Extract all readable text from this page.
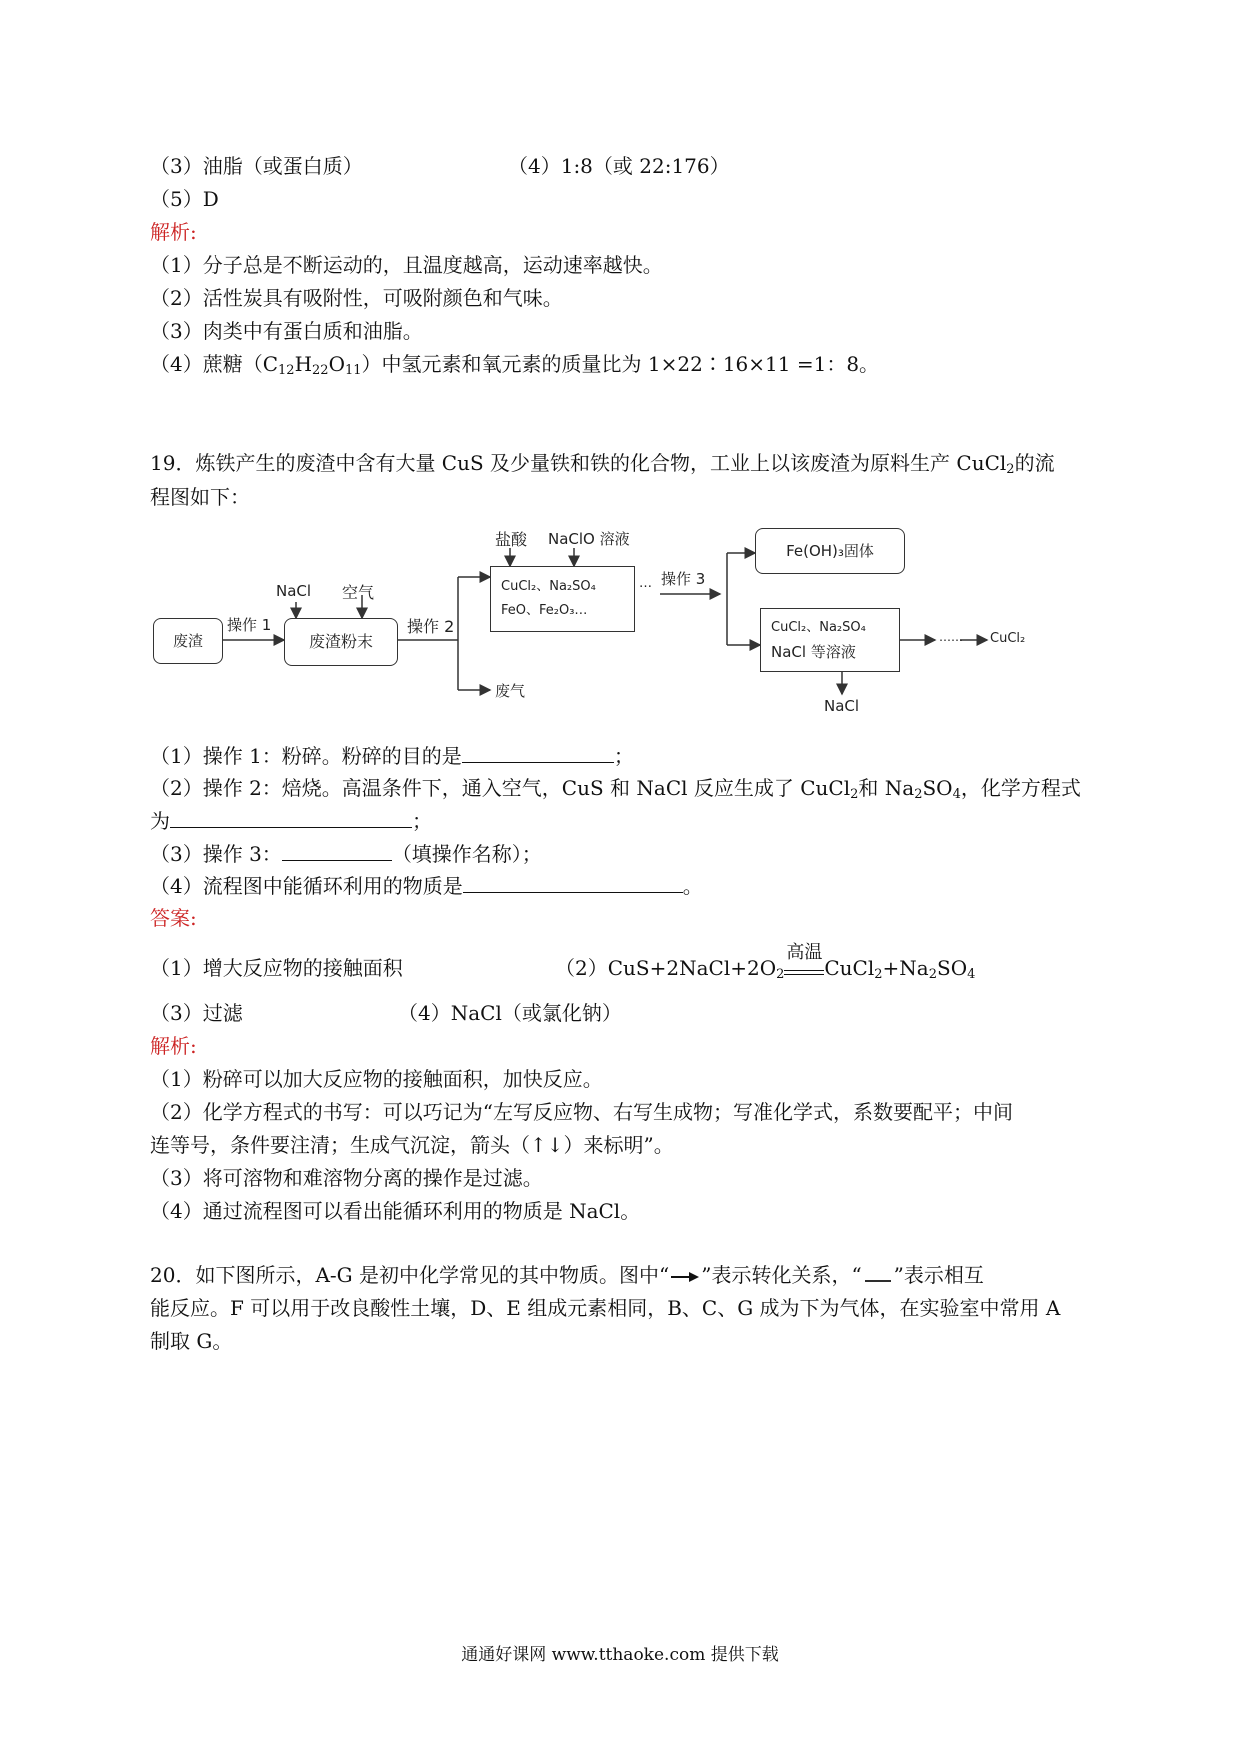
（3）油脂（或蛋白质）	（4）1:8（或 22:176）
（5）D
解析:
（1）分子总是不断运动的，且温度越高，运动速率越快。
（2）活性炭具有吸附性，可吸附颜色和气味。
（3）肉类中有蛋白质和油脂。
（4）蔗糖$(C_{12}H_{22}O_{11})$中氢元素和氧元素的质量比为 1×22∶16×11 =1：8。
19．炼铁产生的废渣中含有大量 CuS 及少量铁和铁的化合物，工业上以该废渣为原料生产 CuCl$_2$的流
程图如下：
废渣
操作 1
NaCl 空气
废渣粉末
操作 2
废气
盐酸 NaClO 溶液
CuCl₂、Na₂SO₄
FeO、Fe₂O₃…
… 操作 3
Fe(OH)₃固体
CuCl₂、Na₂SO₄
NaCl 等溶液
NaCl
…… CuCl₂
（1）操作 1：粉碎。粉碎的目的是	；
（2）操作 2：焙烧。高温条件下，通入空气，CuS 和 NaCl 反应生成了 CuCl$_2$和 $Na_2SO_4$，化学方程式
为	；
（3）操作 3：	（填操作名称）；
（4）流程图中能循环利用的物质是	。
答案:
（1）增大反应物的接触面积	$(2)CuS+2NaCl+2O_2$
高温
$CuCl_2+Na_2SO_4$
（3）过滤	（4）NaCl（或氯化钠）
解析:
（1）粉碎可以加大反应物的接触面积，加快反应。
（2）化学方程式的书写：可以巧记为“左写反应物、右写生成物；写准化学式，系数要配平；中间
连等号，条件要注清；生成气沉淀，箭头（↑↓）来标明”。
（3）将可溶物和难溶物分离的操作是过滤。
（4）通过流程图可以看出能循环利用的物质是 NaCl。
20．如下图所示，A-G 是初中化学常见的其中物质。图中“ ”表示转化关系，“ ”表示相互
能反应。F 可以用于改良酸性土壤，D、E 组成元素相同，B、C、G 成为下为气体，在实验室中常用 A
制取 G。
通通好课网 www.tthaoke.com 提供下载
